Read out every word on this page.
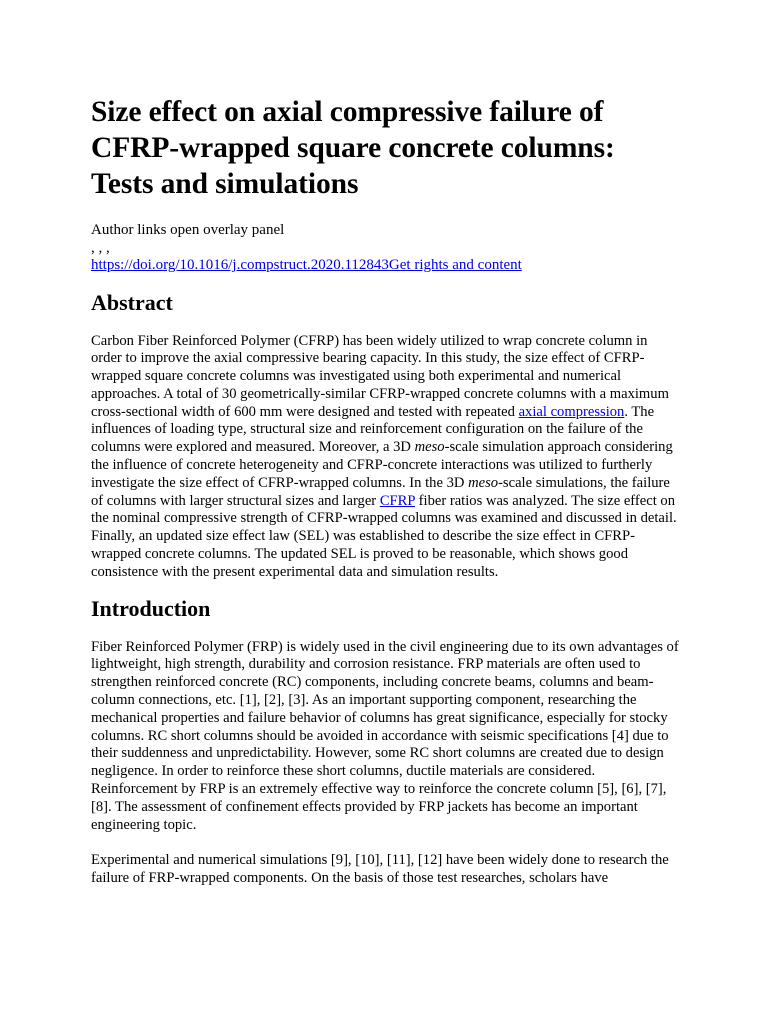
Size effect on axial compressive failure of CFRP-wrapped square concrete columns: Tests and simulations
Author links open overlay panel
, , ,
https://doi.org/10.1016/j.compstruct.2020.112843Get rights and content
Abstract

Carbon Fiber Reinforced Polymer (CFRP) has been widely utilized to wrap concrete column in order to improve the axial compressive bearing capacity. In this study, the size effect of CFRP-wrapped square concrete columns was investigated using both experimental and numerical approaches. A total of 30 geometrically-similar CFRP-wrapped concrete columns with a maximum cross-sectional width of 600 mm were designed and tested with repeated axial compression. The influences of loading type, structural size and reinforcement configuration on the failure of the columns were explored and measured. Moreover, a 3D meso-scale simulation approach considering the influence of concrete heterogeneity and CFRP-concrete interactions was utilized to furtherly investigate the size effect of CFRP-wrapped columns. In the 3D meso-scale simulations, the failure of columns with larger structural sizes and larger CFRP fiber ratios was analyzed. The size effect on the nominal compressive strength of CFRP-wrapped columns was examined and discussed in detail. Finally, an updated size effect law (SEL) was established to describe the size effect in CFRP-wrapped concrete columns. The updated SEL is proved to be reasonable, which shows good consistence with the present experimental data and simulation results.

Introduction

Fiber Reinforced Polymer (FRP) is widely used in the civil engineering due to its own advantages of lightweight, high strength, durability and corrosion resistance. FRP materials are often used to strengthen reinforced concrete (RC) components, including concrete beams, columns and beam-column connections, etc. [1], [2], [3]. As an important supporting component, researching the mechanical properties and failure behavior of columns has great significance, especially for stocky columns. RC short columns should be avoided in accordance with seismic specifications [4] due to their suddenness and unpredictability. However, some RC short columns are created due to design negligence. In order to reinforce these short columns, ductile materials are considered. Reinforcement by FRP is an extremely effective way to reinforce the concrete column [5], [6], [7], [8]. The assessment of confinement effects provided by FRP jackets has become an important engineering topic.

Experimental and numerical simulations [9], [10], [11], [12] have been widely done to research the failure of FRP-wrapped components. On the basis of those test researches, scholars have
